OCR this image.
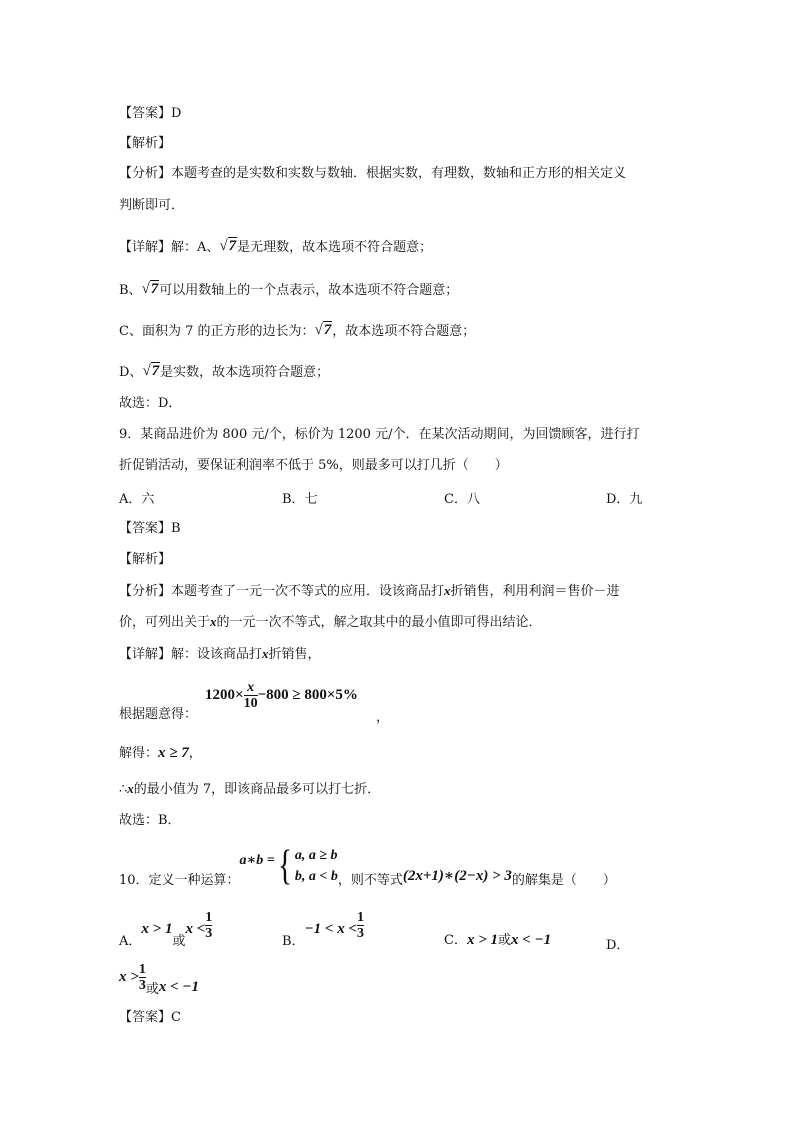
【答案】D
【解析】
【分析】本题考查的是实数和实数与数轴．根据实数，有理数，数轴和正方形的相关定义
判断即可．
【详解】解：A、√7是无理数，故本选项不符合题意；
B、√7可以用数轴上的一个点表示，故本选项不符合题意；
C、面积为 7 的正方形的边长为：√7，故本选项不符合题意；
D、√7是实数，故本选项符合题意；
故选：D．
9．某商品进价为 800 元/个，标价为 1200 元/个．在某次活动期间，为回馈顾客，进行打
折促销活动，要保证利润率不低于 5%，则最多可以打几折（　　）
A．六	B．七	C．八	D．九
【答案】B
【解析】
【分析】本题考查了一元一次不等式的应用．设该商品打x折销售，利用利润＝售价－进
价，可列出关于x的一元一次不等式，解之取其中的最小值即可得出结论．
【详解】解：设该商品打x折销售，
$1200\times \frac{x}{10} -800 \ge 800\times 5\%$
根据题意得：	，
解得：x ≥ 7，
∴x的最小值为 7，即该商品最多可以打七折．
故选：B．
10．定义一种运算：a∗b ={ a, a ≥ b
b, a < b ，则不等式(2x+1)∗(2−x) > 3的解集是（　　）
A．x > 1或$x < \frac{1}{3}$
B．$-1 < x < \frac{1}{3}$	C．x > 1或x < −1	D．
$x > \frac{1}{3}$ 或x < −1
【答案】C
